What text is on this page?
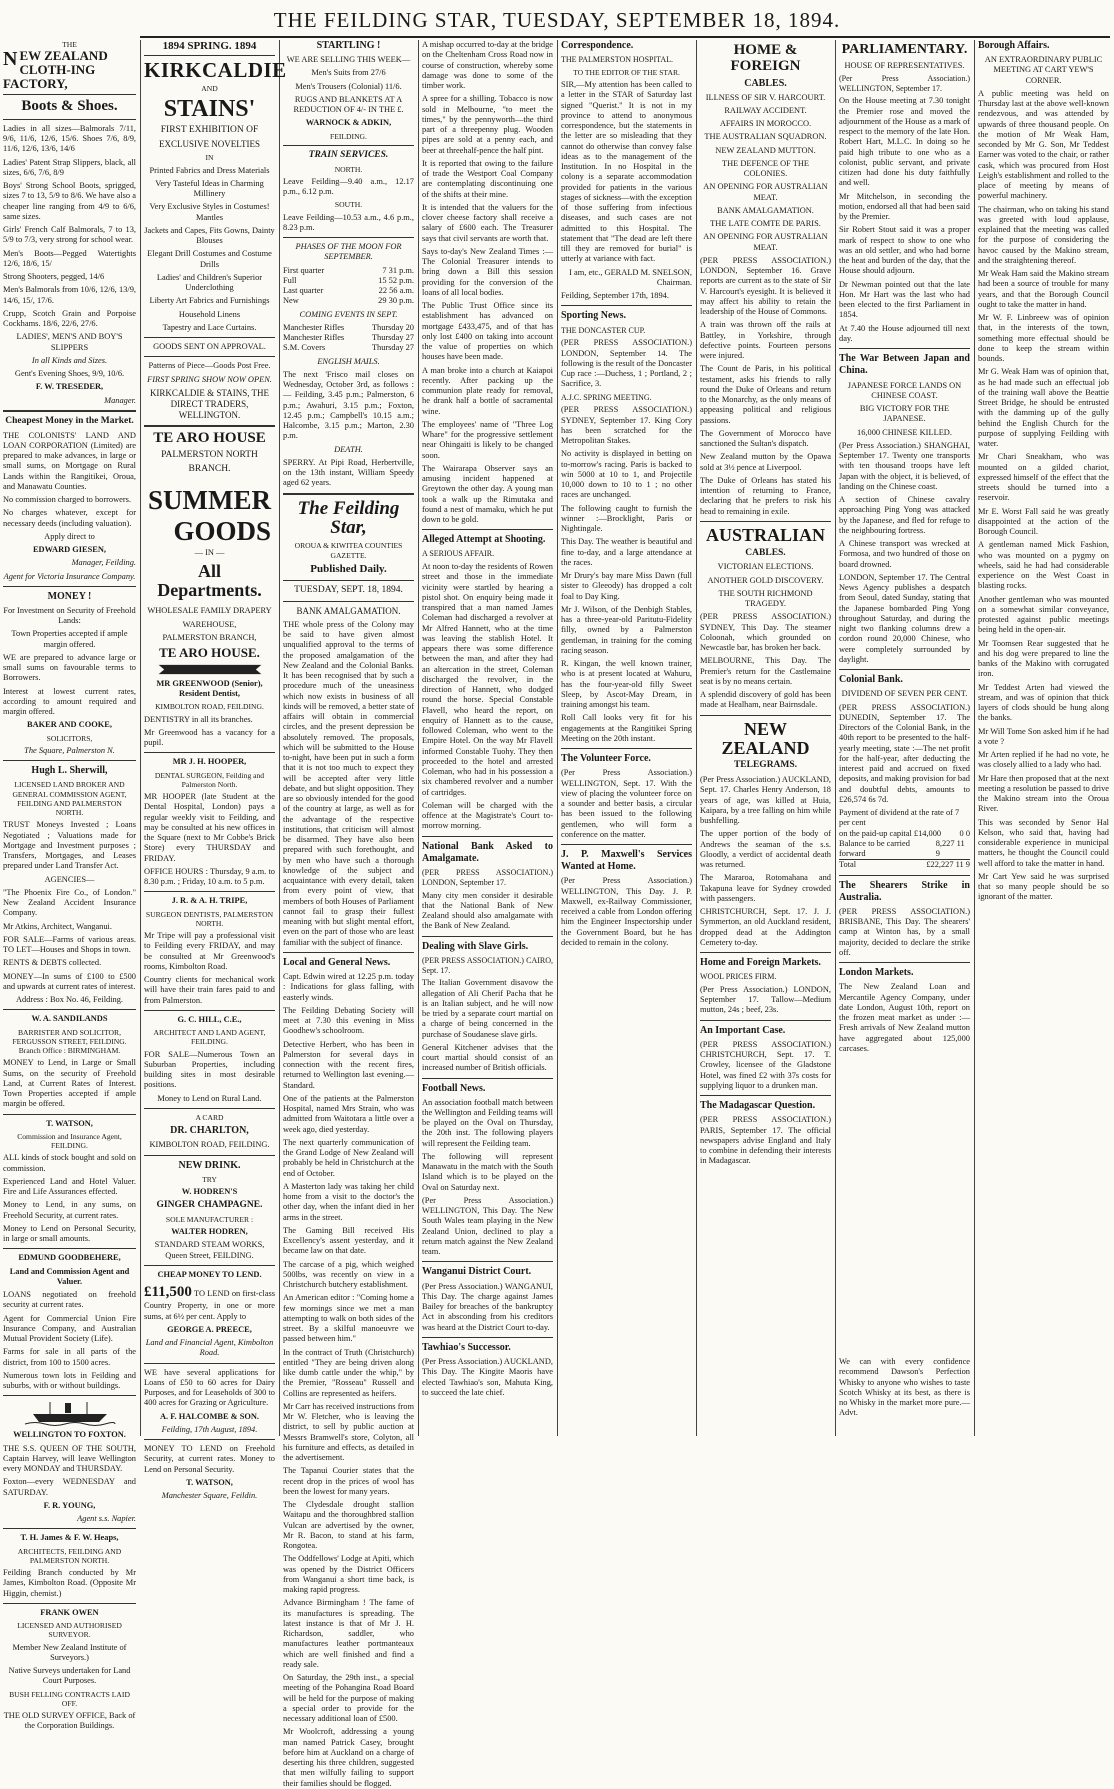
THE FEILDING STAR, TUESDAY, SEPTEMBER 18, 1894.
THE
NEW ZEALAND CLOTH-ING FACTORY,
Boots & Shoes.

Ladies in all sizes—Balmorals 7/11, 9/6, 11/6, 12/6, 15/6. Shoes 7/6, 8/9, 11/6, 12/6, 13/6, 14/6

Ladies' Patent Strap Slippers, black, all sizes, 6/6, 7/6, 8/9

Boys' Strong School Boots, sprigged, sizes 7 to 13, 5/9 to 8/6. We have also a cheaper line ranging from 4/9 to 6/6, same sizes.

Girls' French Calf Balmorals, 7 to 13, 5/9 to 7/3, very strong for school wear.

Men's Boots—Pegged Watertights 12/6, 18/6, 15/

Strong Shooters, pegged, 14/6

Men's Balmorals from 10/6, 12/6, 13/9, 14/6, 15/, 17/6.

Crupp, Scotch Grain and Porpoise Cockhams. 18/6, 22/6, 27/6.

LADIES', MEN'S AND BOY'S SLIPPERS

In all Kinds and Sizes.

Gent's Evening Shoes, 9/9, 10/6.

F. W. TRESEDER,

Manager.

Cheapest Money in the Market.

THE COLONISTS' LAND AND LOAN CORPORATION (Limited) are prepared to make advances, in large or small sums, on Mortgage on Rural Lands within the Rangitikei, Oroua, and Manawatu Counties.

No commission charged to borrowers.

No charges whatever, except for necessary deeds (including valuation).

Apply direct to

EDWARD GIESEN,

Manager, Feilding.

Agent for Victoria Insurance Company.

MONEY !

For Investment on Security of Freehold Lands:

Town Properties accepted if ample margin offered.

WE are prepared to advance large or small sums on favourable terms to Borrowers.

Interest at lowest current rates, according to amount required and margin offered.

BAKER AND COOKE,

SOLICITORS,

The Square, Palmerston N.

Hugh L. Sherwill,

LICENSED LAND BROKER AND GENERAL COMMISSION AGENT, FEILDING AND PALMERSTON NORTH.

TRUST Moneys Invested ; Loans Negotiated ; Valuations made for Mortgage and Investment purposes ; Transfers, Mortgages, and Leases prepared under Land Transfer Act.

AGENCIES—

"The Phoenix Fire Co., of London." New Zealand Accident Insurance Company.

Mr Atkins, Architect, Wanganui.

FOR SALE—Farms of various areas. TO LET—Houses and Shops in town.

RENTS & DEBTS collected.

MONEY—In sums of £100 to £500 and upwards at current rates of interest.

Address : Box No. 46, Feilding.

W. A. SANDILANDS

BARRISTER AND SOLICITOR, FERGUSSON STREET, FEILDING. Branch Office : BIRMINGHAM.

MONEY to Lend, in Large or Small Sums, on the security of Freehold Land, at Current Rates of Interest. Town Properties accepted if ample margin be offered.

T. WATSON,

Commission and Insurance Agent, FEILDING.

ALL kinds of stock bought and sold on commission.

Experienced Land and Hotel Valuer. Fire and Life Assurances effected.

Money to Lend, in any sums, on Freehold Security, at current rates.

Money to Lend on Personal Security, in large or small amounts.

EDMUND GOODBEHERE,

Land and Commission Agent and Valuer.

LOANS negotiated on freehold security at current rates.

Agent for Commercial Union Fire Insurance Company, and Australian Mutual Provident Society (Life).

Farms for sale in all parts of the district, from 100 to 1500 acres.

Numerous town lots in Feilding and suburbs, with or without buildings.

WELLINGTON TO FOXTON.

THE S.S. QUEEN OF THE SOUTH, Captain Harvey, will leave Wellington every MONDAY and THURSDAY.

Foxton—every WEDNESDAY and SATURDAY.

F. R. YOUNG,

Agent s.s. Napier.

T. H. James & F. W. Heaps,

ARCHITECTS, FEILDING AND PALMERSTON NORTH.

Feilding Branch conducted by Mr James, Kimbolton Road. (Opposite Mr Higgin, chemist.)

FRANK OWEN

LICENSED AND AUTHORISED SURVEYOR.

Member New Zealand Institute of Surveyors.)

Native Surveys undertaken for Land Court Purposes.

BUSH FELLING CONTRACTS LAID OFF.

THE OLD SURVEY OFFICE, Back of the Corporation Buildings.

1894 SPRING. 1894

KIRKCALDIE

AND

STAINS'

FIRST EXHIBITION OF

EXCLUSIVE NOVELTIES

IN

Printed Fabrics and Dress Materials

Very Tasteful Ideas in Charming Millinery

Very Exclusive Styles in Costumes! Mantles

Jackets and Capes, Fits Gowns, Dainty Blouses

Elegant Drill Costumes and Costume Drills

Ladies' and Children's Superior Underclothing

Liberty Art Fabrics and Furnishings

Household Linens

Tapestry and Lace Curtains.

GOODS SENT ON APPROVAL.

Patterns of Piece—Goods Post Free.

FIRST SPRING SHOW NOW OPEN.

KIRKCALDIE & STAINS, THE DIRECT TRADERS, WELLINGTON.

TE ARO HOUSE

PALMERSTON NORTH

BRANCH.

SUMMER
GOODS

— IN —

All Departments.

WHOLESALE FAMILY DRAPERY

WAREHOUSE,

PALMERSTON BRANCH,

TE ARO HOUSE.

MR GREENWOOD (Senior), Resident Dentist,

KIMBOLTON ROAD, FEILDING.

DENTISTRY in all its branches.

Mr Greenwood has a vacancy for a pupil.

MR J. H. HOOPER,

DENTAL SURGEON, Feilding and Palmerston North.

MR HOOPER (late Student at the Dental Hospital, London) pays a regular weekly visit to Feilding, and may be consulted at his new offices in the Square (next to Mr Cobbe's Brick Store) every THURSDAY and FRIDAY.

OFFICE HOURS : Thursday, 9 a.m. to 8.30 p.m. ; Friday, 10 a.m. to 5 p.m.

J. R. & A. H. TRIPE,

SURGEON DENTISTS, PALMERSTON NORTH.

Mr Tripe will pay a professional visit to Feilding every FRIDAY, and may be consulted at Mr Greenwood's rooms, Kimbolton Road.

Country clients for mechanical work will have their train fares paid to and from Palmerston.

G. C. HILL, C.E.,

ARCHITECT AND LAND AGENT, FEILDING.

FOR SALE—Numerous Town an Suburban Properties, including building sites in most desirable positions.

Money to Lend on Rural Land.

A CARD

DR. CHARLTON,

KIMBOLTON ROAD, FEILDING.

NEW DRINK.

TRY

W. HODREN'S

GINGER CHAMPAGNE.

SOLE MANUFACTURER :

WALTER HODREN,

STANDARD STEAM WORKS, Queen Street, FEILDING.

CHEAP MONEY TO LEND.

£11,500 TO LEND on first-class Country Property, in one or more sums, at 6½ per cent. Apply to

GEORGE A. PREECE,

Land and Financial Agent, Kimbolton Road.

WE have several applications for Loans of £50 to 60 acres for Dairy Purposes, and for Leaseholds of 300 to 400 acres for Grazing or Agriculture.

A. F. HALCOMBE & SON.

Feilding, 17th August, 1894.

MONEY TO LEND on Freehold Security, at current rates. Money to Lend on Personal Security.

T. WATSON,

Manchester Square, Feildin.

STARTLING !

WE ARE SELLING THIS WEEK—

Men's Suits from 27/6

Men's Trousers (Colonial) 11/6.

RUGS AND BLANKETS AT A REDUCTION OF 4/- IN THE £.

WARNOCK & ADKIN,

FEILDING.

TRAIN SERVICES.

NORTH.

Leave Feilding—9.40 a.m., 12.17 p.m., 6.12 p.m.

SOUTH.

Leave Feilding—10.53 a.m., 4.6 p.m., 8.23 p.m.

PHASES OF THE MOON FOR SEPTEMBER.

First quarter	7 31 p.m.
Full	15 52 p.m.
Last quarter	22 56 a.m.
New	29 30 p.m.

COMING EVENTS IN SEPT.

Manchester Rifles	Thursday 20
Manchester Rifles	Thursday 27
S.M. Covers	Thursday 27

ENGLISH MAILS.

The next 'Frisco mail closes on Wednesday, October 3rd, as follows :— Feilding, 3.45 p.m.; Palmerston, 6 p.m.; Awahuri, 3.15 p.m.; Foxton, 12.45 p.m.; Campbell's 10.15 a.m.; Halcombe, 3.15 p.m.; Marton, 2.30 p.m.

DEATH.

SPERRY. At Pipi Road, Herbertville, on the 13th instant, William Speedy aged 62 years.

The Feilding Star,

OROUA & KIWITEA COUNTIES GAZETTE.

Published Daily.

TUESDAY, SEPT. 18, 1894.

BANK AMALGAMATION.

THE whole press of the Colony may be said to have given almost unqualified approval to the terms of the proposed amalgamation of the New Zealand and the Colonial Banks. It has been recognised that by such a procedure much of the uneasiness which now exists in business of all kinds will be removed, a better state of affairs will obtain in commercial circles, and the present depression be absolutely removed. The proposals, which will be submitted to the House to-night, have been put in such a form that it is not too much to expect they will be accepted after very little debate, and but slight opposition. They are so obviously intended for the good of the country at large, as well as for the advantage of the respective institutions, that criticism will almost be disarmed. They have also been prepared with such forethought, and by men who have such a thorough knowledge of the subject and acquaintance with every detail, taken from every point of view, that members of both Houses of Parliament cannot fail to grasp their fullest meaning with but slight mental effort, even on the part of those who are least familiar with the subject of finance.

Local and General News.

Capt. Edwin wired at 12.25 p.m. today : Indications for glass falling, with easterly winds.

The Feilding Debating Society will meet at 7.30 this evening in Miss Goodhew's schoolroom.

Detective Herbert, who has been in Palmerston for several days in connection with the recent fires, returned to Wellington last evening.—Standard.

One of the patients at the Palmerston Hospital, named Mrs Strain, who was admitted from Waitotara a little over a week ago, died yesterday.

The next quarterly communication of the Grand Lodge of New Zealand will probably be held in Christchurch at the end of October.

A Masterton lady was taking her child home from a visit to the doctor's the other day, when the infant died in her arms in the street.

The Gaming Bill received His Excellency's assent yesterday, and it became law on that date.

The carcase of a pig, which weighed 500lbs, was recently on view in a Christchurch butchery establishment.

An American editor : "Coming home a few mornings since we met a man attempting to walk on both sides of the street. By a skilful manoeuvre we passed between him."

In the contract of Truth (Christchurch) entitled "They are being driven along like dumb cattle under the whip," by the Premier, "Rosseau" Russell and Collins are represented as heifers.

Mr Carr has received instructions from Mr W. Fletcher, who is leaving the district, to sell by public auction at Messrs Bramwell's store, Colyton, all his furniture and effects, as detailed in the advertisement.

The Tapanui Courier states that the recent drop in the prices of wool has been the lowest for many years.

The Clydesdale drought stallion Waitapu and the thoroughbred stallion Vulcan are advertised by the owner, Mr R. Bacon, to stand at his farm, Rongotea.

The Oddfellows' Lodge at Apiti, which was opened by the District Officers from Wanganui a short time back, is making rapid progress.

Advance Birmingham ! The fame of its manufactures is spreading. The latest instance is that of Mr J. H. Richardson, saddler, who manufactures leather portmanteaux which are well finished and find a ready sale.

On Saturday, the 29th inst., a special meeting of the Pohangina Road Board will be held for the purpose of making a special order to provide for the necessary additional loan of £500.

Mr Woolcroft, addressing a young man named Patrick Casey, brought before him at Auckland on a charge of deserting his three children, suggested that men wilfully failing to support their families should be flogged.

A mishap occurred to-day at the bridge on the Cheltenham Cross Road now in course of construction, whereby some damage was done to some of the timber work.

A spree for a shilling. Tobacco is now sold in Melbourne, "to meet the times," by the pennyworth—the third part of a threepenny plug. Wooden pipes are sold at a penny each, and beer at threehalf-pence the half pint.

It is reported that owing to the failure of trade the Westport Coal Company are contemplating discontinuing one of the shifts at their mine.

It is intended that the valuers for the clover cheese factory shall receive a salary of £600 each. The Treasurer says that civil servants are worth that.

Says to-day's New Zealand Times :— The Colonial Treasurer intends to bring down a Bill this session providing for the conversion of the loans of all local bodies.

The Public Trust Office since its establishment has advanced on mortgage £433,475, and of that has only lost £400 on taking into account the value of properties on which houses have been made.

A man broke into a church at Kaiapoi recently. After packing up the communion plate ready for removal, he drank half a bottle of sacramental wine.

The employees' name of "Three Log Whare" for the progressive settlement near Ohingaiti is likely to be changed soon.

The Wairarapa Observer says an amusing incident happened at Greytown the other day. A young man took a walk up the Rimutaka and found a nest of mamaku, which he put down to be gold.

Alleged Attempt at Shooting.

A SERIOUS AFFAIR.

At noon to-day the residents of Rowen street and those in the immediate vicinity were startled by hearing a pistol shot. On enquiry being made it transpired that a man named James Coleman had discharged a revolver at Mr Alfred Hannett, who at the time was leaving the stablish Hotel. It appears there was some difference between the man, and after they had an altercation in the street, Coleman discharged the revolver, in the direction of Hannett, who dodged round the horse. Special Constable Flavell, who heard the report, on enquiry of Hannett as to the cause, followed Coleman, who went to the Empire Hotel. On the way Mr Flavell informed Constable Tuohy. They then proceeded to the hotel and arrested Coleman, who had in his possession a six chambered revolver and a number of cartridges.

Coleman will be charged with the offence at the Magistrate's Court to-morrow morning.

National Bank Asked to Amalgamate.

(PER PRESS ASSOCIATION.) LONDON, September 17.

Many city men consider it desirable that the National Bank of New Zealand should also amalgamate with the Bank of New Zealand.

Dealing with Slave Girls.

(PER PRESS ASSOCIATION.) CAIRO, Sept. 17.

The Italian Government disavow the allegation of Ali Cherif Pacha that he is an Italian subject, and he will now be tried by a separate court martial on a charge of being concerned in the purchase of Soudanese slave girls.

General Kitchener advises that the court martial should consist of an increased number of British officials.

Football News.

An association football match between the Wellington and Feilding teams will be played on the Oval on Thursday, the 20th inst. The following players will represent the Feilding team.

The following will represent Manawatu in the match with the South Island which is to be played on the Oval on Saturday next.

(Per Press Association.) WELLINGTON, This Day. The New South Wales team playing in the New Zealand Union, declined to play a return match against the New Zealand team.

Wanganui District Court.

(Per Press Association.) WANGANUI, This Day. The charge against James Bailey for breaches of the bankruptcy Act in absconding from his creditors was heard at the District Court to-day.

Tawhiao's Successor.

(Per Press Association.) AUCKLAND, This Day. The Kingite Maoris have elected Tawhiao's son, Mahuta King, to succeed the late chief.

Correspondence.

THE PALMERSTON HOSPITAL.

TO THE EDITOR OF THE STAR.

SIR,—My attention has been called to a letter in the STAR of Saturday last signed "Querist." It is not in my province to attend to anonymous correspondence, but the statements in the letter are so misleading that they cannot do otherwise than convey false ideas as to the management of the Institution. In no Hospital in the colony is a separate accommodation provided for patients in the various stages of sickness—with the exception of those suffering from infectious diseases, and such cases are not admitted to this Hospital. The statement that "The dead are left there till they are removed for burial" is utterly at variance with fact.

I am, etc., GERALD M. SNELSON, Chairman.

Feilding, September 17th, 1894.

Sporting News.

THE DONCASTER CUP.

(PER PRESS ASSOCIATION.) LONDON, September 14. The following is the result of the Doncaster Cup race :—Duchess, 1 ; Portland, 2 ; Sacrifice, 3.

A.J.C. SPRING MEETING.

(PER PRESS ASSOCIATION.) SYDNEY, September 17. King Cory has been scratched for the Metropolitan Stakes.

No activity is displayed in betting on to-morrow's racing. Paris is backed to win 5000 at 10 to 1, and Projectile 10,000 down to 10 to 1 ; no other races are unchanged.

The following caught to furnish the winner :—Brocklight, Paris or Nightingale.

This Day. The weather is beautiful and fine to-day, and a large attendance at the races.

Mr Drury's bay mare Miss Dawn (full sister to Gleeody) has dropped a colt foal to Day King.

Mr J. Wilson, of the Denbigh Stables, has a three-year-old Paritutu-Fidelity filly, owned by a Palmerston gentleman, in training for the coming racing season.

R. Kingan, the well known trainer, who is at present located at Wahuru, has the four-year-old filly Sweet Sleep, by Ascot-May Dream, in training amongst his team.

Roll Call looks very fit for his engagements at the Rangitikei Spring Meeting on the 20th instant.

The Volunteer Force.

(Per Press Association.) WELLINGTON, Sept. 17. With the view of placing the volunteer force on a sounder and better basis, a circular has been issued to the following gentlemen, who will form a conference on the matter.

J. P. Maxwell's Services Wanted at Home.

(Per Press Association.) WELLINGTON, This Day. J. P. Maxwell, ex-Railway Commissioner, received a cable from London offering him the Engineer Inspectorship under the Government Board, but he has decided to remain in the colony.

HOME & FOREIGN

CABLES.

ILLNESS OF SIR V. HARCOURT.

RAILWAY ACCIDENT.

AFFAIRS IN MOROCCO.

THE AUSTRALIAN SQUADRON.

NEW ZEALAND MUTTON.

THE DEFENCE OF THE COLONIES.

AN OPENING FOR AUSTRALIAN MEAT.

BANK AMALGAMATION.

THE LATE COMTE DE PARIS.

AN OPENING FOR AUSTRALIAN MEAT.

(PER PRESS ASSOCIATION.) LONDON, September 16. Grave reports are current as to the state of Sir V. Harcourt's eyesight. It is believed it may affect his ability to retain the leadership of the House of Commons.

A train was thrown off the rails at Battley, in Yorkshire, through defective points. Fourteen persons were injured.

The Count de Paris, in his political testament, asks his friends to rally round the Duke of Orleans and return to the Monarchy, as the only means of appeasing political and religious passions.

The Government of Morocco have sanctioned the Sultan's dispatch.

New Zealand mutton by the Opawa sold at 3½ pence at Liverpool.

The Duke of Orleans has stated his intention of returning to France, declaring that he prefers to risk his head to remaining in exile.

AUSTRALIAN

CABLES.

VICTORIAN ELECTIONS.

ANOTHER GOLD DISCOVERY.

THE SOUTH RICHMOND TRAGEDY.

(PER PRESS ASSOCIATION.) SYDNEY, This Day. The steamer Coloonah, which grounded on Newcastle bar, has broken her back.

MELBOURNE, This Day. The Premier's return for the Castlemaine seat is by no means certain.

A splendid discovery of gold has been made at Healham, near Bairnsdale.

NEW ZEALAND

TELEGRAMS.

(Per Press Association.) AUCKLAND, Sept. 17. Charles Henry Anderson, 18 years of age, was killed at Huia, Kaipara, by a tree falling on him while bushfelling.

The upper portion of the body of Andrews the seaman of the s.s. Gloodly, a verdict of accidental death was returned.

The Mararoa, Rotomahana and Takapuna leave for Sydney crowded with passengers.

CHRISTCHURCH, Sept. 17. J. J. Symmerton, an old Auckland resident, dropped dead at the Addington Cemetery to-day.

Home and Foreign Markets.

WOOL PRICES FIRM.

(Per Press Association.) LONDON, September 17. Tallow—Medium mutton, 24s ; beef, 23s.

An Important Case.

(PER PRESS ASSOCIATION.) CHRISTCHURCH, Sept. 17. T. Crowley, licensee of the Gladstone Hotel, was fined £2 with 37s costs for supplying liquor to a drunken man.

The Madagascar Question.

(PER PRESS ASSOCIATION.) PARIS, September 17. The official newspapers advise England and Italy to combine in defending their interests in Madagascar.

PARLIAMENTARY.

HOUSE OF REPRESENTATIVES.

(Per Press Association.) WELLINGTON, September 17.

On the House meeting at 7.30 tonight the Premier rose and moved the adjournment of the House as a mark of respect to the memory of the late Hon. Robert Hart, M.L.C. In doing so he paid high tribute to one who as a colonist, public servant, and private citizen had done his duty faithfully and well.

Mr Mitchelson, in seconding the motion, endorsed all that had been said by the Premier.

Sir Robert Stout said it was a proper mark of respect to show to one who was an old settler, and who had borne the heat and burden of the day, that the House should adjourn.

Dr Newman pointed out that the late Hon. Mr Hart was the last who had been elected to the first Parliament in 1854.

At 7.40 the House adjourned till next day.

The War Between Japan and China.

JAPANESE FORCE LANDS ON CHINESE COAST.

BIG VICTORY FOR THE JAPANESE.

16,000 CHINESE KILLED.

(Per Press Association.) SHANGHAI, September 17. Twenty one transports with ten thousand troops have left Japan with the object, it is believed, of landing on the Chinese coast.

A section of Chinese cavalry approaching Ping Yong was attacked by the Japanese, and fled for refuge to the neighbouring fortress.

A Chinese transport was wrecked at Formosa, and two hundred of those on board drowned.

LONDON, September 17. The Central News Agency publishes a despatch from Seoul, dated Sunday, stating that the Japanese bombarded Ping Yong throughout Saturday, and during the night two flanking columns drew a cordon round 20,000 Chinese, who were completely surrounded by daylight.

Colonial Bank.

DIVIDEND OF SEVEN PER CENT.

(PER PRESS ASSOCIATION.) DUNEDIN, September 17. The Directors of the Colonial Bank, in the 40th report to be presented to the half-yearly meeting, state :—The net profit for the half-year, after deducting the interest paid and accrued on fixed deposits, and making provision for bad and doubtful debts, amounts to £26,574 6s 7d.

Payment of dividend at the rate of 7 per cent
on the paid-up capital £14,000 0 0
Balance to be carried forward
8,227 11 9
Total	£22,227 11 9

The Shearers Strike in Australia.

(PER PRESS ASSOCIATION.) BRISBANE, This Day. The shearers' camp at Winton has, by a small majority, decided to declare the strike off.

London Markets.

The New Zealand Loan and Mercantile Agency Company, under date London, August 10th, report on the frozen meat market as under :—Fresh arrivals of New Zealand mutton have aggregated about 125,000 carcases.

We can with every confidence recommend Dawson's Perfection Whisky to anyone who wishes to taste Scotch Whisky at its best, as there is no Whisky in the market more pure.—Advt.

Borough Affairs.

AN EXTRAORDINARY PUBLIC MEETING AT CART YEW'S CORNER.

A public meeting was held on Thursday last at the above well-known rendezvous, and was attended by upwards of three thousand people. On the motion of Mr Weak Ham, seconded by Mr G. Son, Mr Teddest Earner was voted to the chair, or rather cask, which was procured from Host Leigh's establishment and rolled to the place of meeting by means of powerful machinery.

The chairman, who on taking his stand was greeted with loud applause, explained that the meeting was called for the purpose of considering the havoc caused by the Makino stream, and the straightening thereof.

Mr Weak Ham said the Makino stream had been a source of trouble for many years, and that the Borough Council ought to take the matter in hand.

Mr W. F. Linbreew was of opinion that, in the interests of the town, something more effectual should be done to keep the stream within bounds.

Mr G. Weak Ham was of opinion that, as he had made such an effectual job of the training wall above the Beattie Street Bridge, he should be entrusted with the damming up of the gully behind the English Church for the purpose of supplying Feilding with water.

Mr Chari Sneakham, who was mounted on a gilded chariot, expressed himself of the effect that the streets should be turned into a reservoir.

Mr E. Worst Fall said he was greatly disappointed at the action of the Borough Council.

A gentleman named Mick Fashion, who was mounted on a pygmy on wheels, said he had had considerable experience on the West Coast in blasting rocks.

Another gentleman who was mounted on a somewhat similar conveyance, protested against public meetings being held in the open-air.

Mr Toomsen Rear suggested that he and his dog were prepared to line the banks of the Makino with corrugated iron.

Mr Teddest Arten had viewed the stream, and was of opinion that thick layers of clods should be hung along the banks.

Mr Will Tome Son asked him if he had a vote ?

Mr Arten replied if he had no vote, he was closely allied to a lady who had.

Mr Hare then proposed that at the next meeting a resolution be passed to drive the Makino stream into the Oroua River.

This was seconded by Senor Hal Kelson, who said that, having had considerable experience in municipal matters, he thought the Council could well afford to take the matter in hand.

Mr Cart Yew said he was surprised that so many people should be so ignorant of the matter.
